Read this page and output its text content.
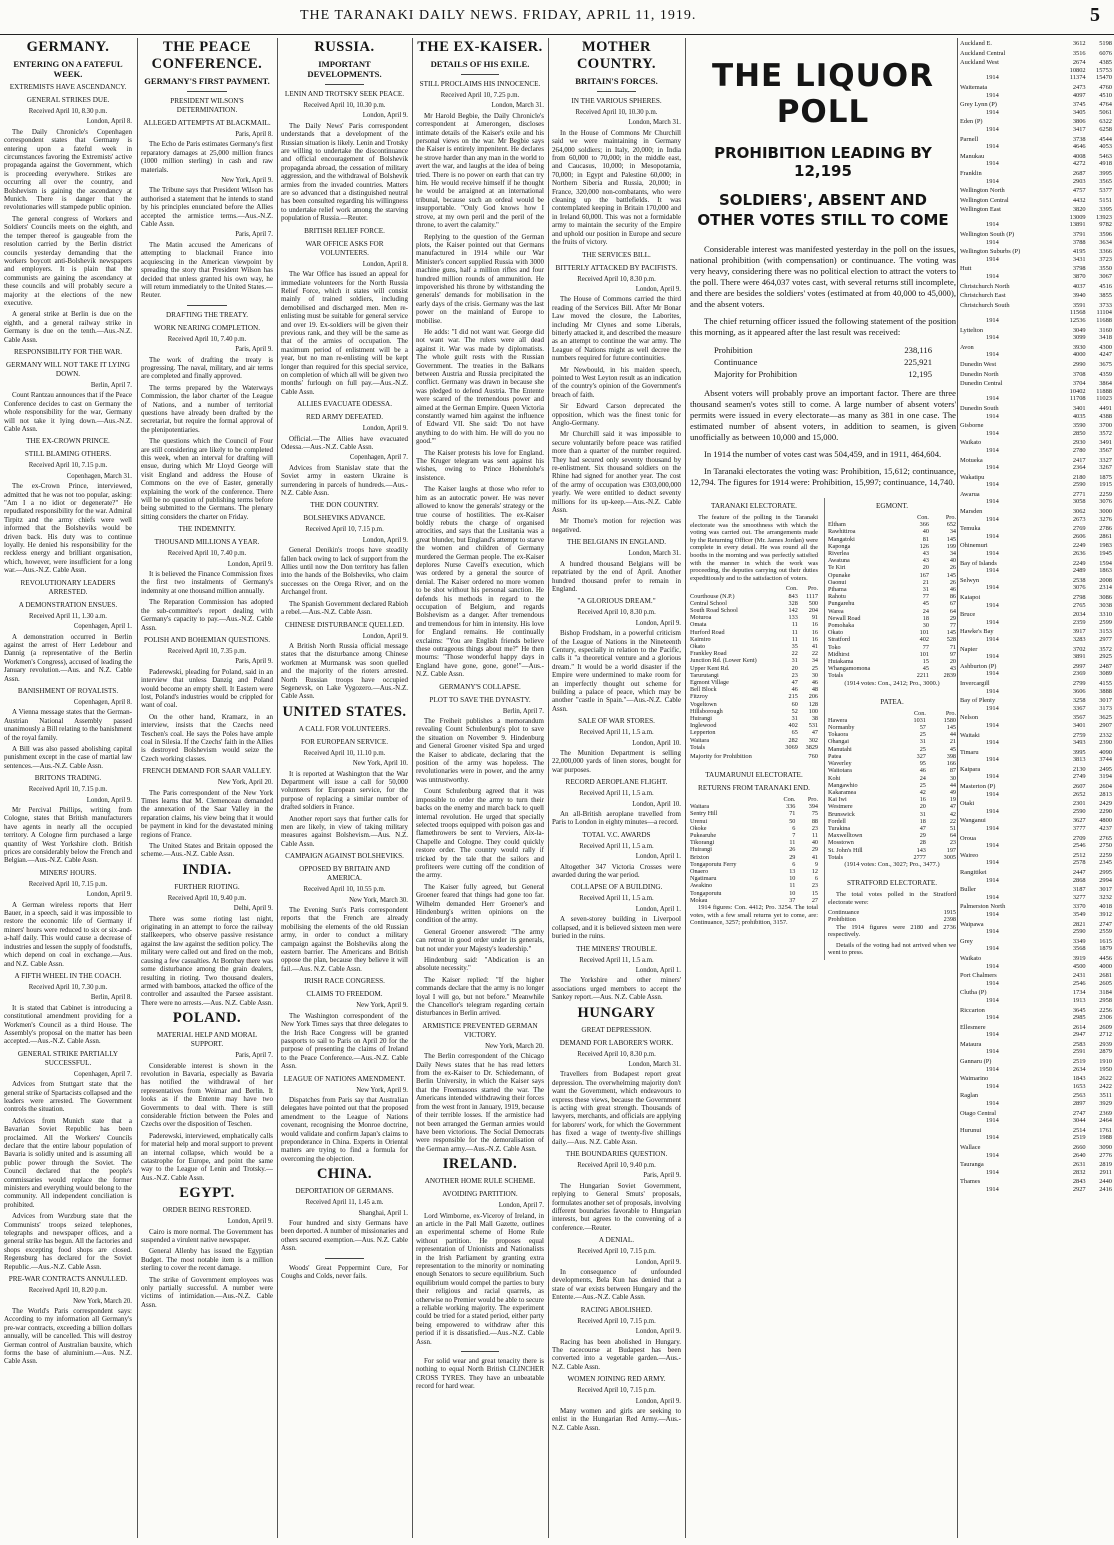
THE TARANAKI DAILY NEWS. FRIDAY, APRIL 11, 1919.	5
GERMANY.
ENTERING ON A FATEFUL WEEK.
EXTREMISTS HAVE ASCENDANCY.
GENERAL STRIKES DUE.
Received April 10, 8.30 p.m.
London, April 8.

The Daily Chronicle's Copenhagen correspondent states that Germany is entering upon a fateful week in circumstances favoring the Extremists' active propaganda against the Government, which is proceeding everywhere. Strikes are occurring all over the country, and Bolshevism is gaining the ascendancy at Munich. There is danger that the revolutionaries will stampede public opinion.

The general congress of Workers and Soldiers' Councils meets on the eighth, and the temper thereof is gaugeable from the resolution carried by the Berlin district councils yesterday demanding that the workers boycott anti-Bolshevik newspapers and employers. It is plain that the communists are gaining the ascendancy at these councils and will probably secure a majority at the elections of the new executive.

A general strike at Berlin is due on the eighth, and a general railway strike in Germany is due on the tenth.—Aus.-N.Z. Cable Assn.

RESPONSIBILITY FOR THE WAR.
GERMANY WILL NOT TAKE IT LYING DOWN.
Berlin, April 7.

Count Rantzau announces that if the Peace Conference decides to cast on Germany the whole responsibility for the war, Germany will not take it lying down.—Aus.-N.Z. Cable Assn.

THE EX-CROWN PRINCE.
STILL BLAMING OTHERS.
Received April 10, 7.15 p.m.
Copenhagen, March 31.

The ex-Crown Prince, interviewed, admitted that he was not too popular, asking: "Am I a no idiot or degenerate?" He repudiated responsibility for the war. Admiral Tirpitz and the army chiefs were well informed that the Bolsheviks would be driven back. His duty was to continue loyally. He denied his responsibility for the reckless energy and brilliant organisation, which, however, were insufficient for a long war.—Aus.-N.Z. Cable Assn.

REVOLUTIONARY LEADERS ARRESTED.
A DEMONSTRATION ENSUES.
Received April 11, 1.30 a.m.
Copenhagen, April 1.

A demonstration occurred in Berlin against the arrest of Herr Ledebour and Dannig (a representative of the Berlin Workmen's Congress), accused of leading the January revolution.—Aus. and N.Z. Cable Assn.

BANISHMENT OF ROYALISTS.
Copenhagen, April 8.

A Vienna message states that the German-Austrian National Assembly passed unanimously a Bill relating to the banishment of the royal family.

A Bill was also passed abolishing capital punishment except in the case of martial law sentences.—Aus.-N.Z. Cable Assn.

BRITONS TRADING.
Received April 10, 7.15 p.m.
London, April 9.

Mr Percival Phillips, writing from Cologne, states that British manufacturers have agents in nearly all the occupied territory. A Cologne firm purchased a large quantity of West Yorkshire cloth. British prices are considerably below the French and Belgian.—Aus.-N.Z. Cable Assn.

MINERS' HOURS.
Received April 10, 7.15 p.m.
London, April 9.

A German wireless reports that Herr Bauer, in a speech, said it was impossible to restore the economic life of Germany if miners' hours were reduced to six or six-and-a-half daily. This would cause a decrease of industries and lessen the supply of foodstuffs, which depend on coal in exchange.—Aus. and N.Z. Cable Assn.

A FIFTH WHEEL IN THE COACH.
Received April 10, 7.30 p.m.
Berlin, April 8.

It is stated that Cabinet is introducing a constitutional amendment providing for a Workmen's Council as a third House. The Assembly's proposal on the matter has been accepted.—Aus.-N.Z. Cable Assn.

GENERAL STRIKE PARTIALLY SUCCESSFUL.
Copenhagen, April 7.

Advices from Stuttgart state that the general strike of Spartacists collapsed and the leaders were arrested. The Government controls the situation.

Advices from Munich state that a Bavarian Soviet Republic has been proclaimed. All the Workers' Councils declare that the entire labour population of Bavaria is solidly united and is assuming all public power through the Soviet. The Council declared that the people's commissaries would replace the former ministers and everything would belong to the community. All independent conciliation is prohibited.

Advices from Wurzburg state that the Communists' troops seized telephones, telegraphs and newspaper offices, and a general strike has begun. All the factories and shops excepting food shops are closed. Regensburg has declared for the Soviet Republic.—Aus.-N.Z. Cable Assn.

PRE-WAR CONTRACTS ANNULLED.
Received April 10, 8.20 p.m.
New York, March 20.

The World's Paris correspondent says: According to my information all Germany's pre-war contracts, exceeding a billion dollars annually, will be cancelled. This will destroy German control of Australian bauxite, which forms the base of aluminium.—Aus. N.Z. Cable Assn.

THE PEACE CONFERENCE.
GERMANY'S FIRST PAYMENT.
PRESIDENT WILSON'S DETERMINATION.
ALLEGED ATTEMPTS AT BLACKMAIL.
Paris, April 8.

The Echo de Paris estimates Germany's first reparatory damages at 25,000 million francs (1000 million sterling) in cash and raw materials.

New York, April 9.

The Tribune says that President Wilson has authorised a statement that he intends to stand by his principles enunciated before the Allies accepted the armistice terms.—Aus.-N.Z. Cable Assn.

Paris, April 7.

The Matin accused the Americans of attempting to blackmail France into acquiescing in the American viewpoint by spreading the story that President Wilson has decided that unless granted his own way, he will return immediately to the United States.—Reuter.

DRAFTING THE TREATY.
WORK NEARING COMPLETION.
Received April 10, 7.40 p.m.
Paris, April 9.

The work of drafting the treaty is progressing. The naval, military, and air terms are completed and finally approved.

The terms prepared by the Waterways Commission, the labor charter of the League of Nations, and a number of territorial questions have already been drafted by the secretariat, but require the formal approval of the plenipotentiaries.

The questions which the Council of Four are still considering are likely to be completed this week, when an interval for drafting will ensue, during which Mr Lloyd George will visit England and address the House of Commons on the eve of Easter, generally explaining the work of the conference. There will be no question of publishing terms before being submitted to the Germans. The plenary sitting considers the charter on Friday.

THE INDEMNITY.
THOUSAND MILLIONS A YEAR.
Received April 10, 7.40 p.m.
London, April 9.

It is believed the Finance Commission fixes the first two instalments of Germany's indemnity at one thousand million annually.

The Reparation Commission has adopted the sub-committee's report dealing with Germany's capacity to pay.—Aus.-N.Z. Cable Assn.

POLISH AND BOHEMIAN QUESTIONS.
Received April 10, 7.35 p.m.
Paris, April 9.

Paderewski, pleading for Poland, said in an interview that unless Danzig and Poland would become an empty shell. It Eastern were lost, Poland's industries would be crippled for want of coal.

On the other hand, Kramarz, in an interview, insists that the Czechs need Teschen's coal. He says the Poles have ample coal in Silesia. If the Czechs' faith in the Allies is destroyed Bolshevism would seize the Czech working classes.

FRENCH DEMAND FOR SAAR VALLEY.
New York, April 20.

The Paris correspondent of the New York Times learns that M. Clemenceau demanded the annexation of the Saar Valley in the reparation claims, his view being that it would be payment in kind for the devastated mining regions of France.

The United States and Britain opposed the scheme.—Aus.-N.Z. Cable Assn.

INDIA.
FURTHER RIOTING.
Received April 10, 9.40 p.m.
Delhi, April 9.

There was some rioting last night, originating in an attempt to force the railway stallkeepers, who observe passive resistance against the law against the sedition policy. The military were called out and fired on the mob, causing a few casualties. At Bombay there was some disturbance among the grain dealers, resulting in rioting. Two thousand dealers, armed with bamboos, attacked the office of the controller and assaulted the Parsee assistant. There were no arrests.—Aus. N.Z. Cable Assn.

POLAND.
MATERIAL HELP AND MORAL SUPPORT.
Paris, April 7.

Considerable interest is shown in the revolution in Bavaria, especially as Bavaria has notified the withdrawal of her representatives from Weimar and Berlin. It looks as if the Entente may have two Governments to deal with. There is still considerable friction between the Poles and Czechs over the disposition of Teschen.

Paderewski, interviewed, emphatically calls for material help and moral support to prevent an internal collapse, which would be a catastrophe for Europe, and point the same way to the League of Lenin and Trotsky.—Aus.-N.Z. Cable Assn.

EGYPT.
ORDER BEING RESTORED.
London, April 9.

Cairo is more normal. The Government has suspended a virulent native newspaper.

General Allenby has issued the Egyptian Budget. The most notable item is a million sterling to cover the recent damage.

The strike of Government employees was only partially successful. A number were victims of intimidation.—Aus.-N.Z. Cable Assn.

RUSSIA.
IMPORTANT DEVELOPMENTS.
LENIN AND TROTSKY SEEK PEACE.
Received April 10, 10.30 p.m.
London, April 9.

The Daily News' Paris correspondent understands that a development of the Russian situation is likely. Lenin and Trotsky are willing to undertake the discontinuance and official encouragement of Bolshevik propaganda abroad, the cessation of military aggression, and the withdrawal of Bolshevik armies from the invaded countries. Matters are so advanced that a distinguished neutral has been consulted regarding his willingness to undertake relief work among the starving population of Russia.—Reuter.

BRITISH RELIEF FORCE.
WAR OFFICE ASKS FOR VOLUNTEERS.
London, April 8.

The War Office has issued an appeal for immediate volunteers for the North Russia Relief Force, which it states will consist mainly of trained soldiers, including demobilised and discharged men. Men re-enlisting must be suitable for general service and over 19. Ex-soldiers will be given their previous rank, and they will be the same as that of the armies of occupation. The maximum period of enlistment will be a year, but no man re-enlisting will be kept longer than required for this special service, on completion of which all will be given two months' furlough on full pay.—Aus.-N.Z. Cable Assn.

ALLIES EVACUATE ODESSA.
RED ARMY DEFEATED.
London, April 9.

Official.—The Allies have evacuated Odessa.—Aus.-N.Z. Cable Assn.

Copenhagen, April 7.

Advices from Stanislav state that the Soviet army in eastern Ukraine is surrendering in parcels of hundreds.—Aus.-N.Z. Cable Assn.

THE DON COUNTRY.
BOLSHEVIKS ADVANCE.
Received April 10, 7.15 p.m.
London, April 9.

General Denikin's troops have steadily fallen back owing to lack of support from the Allies until now the Don territory has fallen into the hands of the Bolsheviks, who claim successes on the Orega River, and on the Archangel front.

The Spanish Government declared Rabioh a rebel.—Aus.-N.Z. Cable Assn.

CHINESE DISTURBANCE QUELLED.
London, April 9.

A British North Russia official message states that the disturbance among Chinese workmen at Murmansk was soon quelled and the majority of the rioters arrested. North Russian troops have occupied Segenevsk, on Lake Vygozero.—Aus.-N.Z. Cable Assn.

UNITED STATES.
A CALL FOR VOLUNTEERS.
FOR EUROPEAN SERVICE.
Received April 10, 11.10 p.m.
New York, April 10.

It is reported at Washington that the War Department will issue a call for 50,000 volunteers for European service, for the purpose of replacing a similar number of drafted soldiers in France.

Another report says that further calls for men are likely, in view of taking military measures against Bolshevism.—Aus. N.Z. Cable Assn.

CAMPAIGN AGAINST BOLSHEVIKS.
OPPOSED BY BRITAIN AND AMERICA.
Received April 10, 10.55 p.m.
New York, March 30.

The Evening Sun's Paris correspondent reports that the French are already mobilising the elements of the old Russian army, in order to conduct a military campaign against the Bolsheviks along the eastern barrier. The Americans and British oppose the plan, because they believe it will fail.—Aus. N.Z. Cable Assn.

IRISH RACE CONGRESS.
CLAIMS TO FREEDOM.
New York, April 9.

The Washington correspondent of the New York Times says that three delegates to the Irish Race Congress will be granted passports to sail to Paris on April 20 for the purpose of presenting the claims of Ireland to the Peace Conference.—Aus.-N.Z. Cable Assn.

LEAGUE OF NATIONS AMENDMENT.
New York, April 9.

Dispatches from Paris say that Australian delegates have pointed out that the proposed amendment to the League of Nations covenant, recognising the Monroe doctrine, would validate and confirm Japan's claims to preponderance in China. Experts in Oriental matters are trying to find a formula for overcoming the objection.

CHINA.
DEPORTATION OF GERMANS.
Received April 11, 1.45 a.m.
Shanghai, April 1.

Four hundred and sixty Germans have been deported. A number of missionaries and others secured exemption.—Aus. N.Z. Cable Assn.

Woods' Great Peppermint Cure, For Coughs and Colds, never fails.

THE EX-KAISER.
DETAILS OF HIS EXILE.
STILL PROCLAIMS HIS INNOCENCE.
Received April 10, 7.25 p.m.
London, March 31.

Mr Harold Begbie, the Daily Chronicle's correspondent at Amerongen, discloses intimate details of the Kaiser's exile and his personal views on the war. Mr Begbie says the Kaiser is entirely impenitent. He declares he strove harder than any man in the world to avert the war, and laughs at the idea of being tried. There is no power on earth that can try him. He would receive himself if he thought he would be arraigned at an international tribunal, because such an ordeal would be insupportable. "Only God knows how I strove, at my own peril and the peril of the throne, to avert the calamity."

Replying to the question of the German plots, the Kaiser pointed out that Germans manufactured in 1914 while our War Minister's concert supplied Russia with 3000 machine guns, half a million rifles and four hundred million rounds of ammunition. He impoverished his throne by withstanding the generals' demands for mobilisation in the early days of the crisis. Germany was the last power on the mainland of Europe to mobilise.

He adds: "I did not want war. George did not want war. The rulers were all dead against it. War was made by diplomatists. The whole guilt rests with the Russian Government. The treaties in the Balkans between Austria and Russia precipitated the conflict. Germany was drawn in because she was pledged to defend Austria. The Entente were scared of the tremendous power and aimed at the German Empire. Queen Victoria constantly warned him against the influence of Edward VII. She said: 'Do not have anything to do with him. He will do you no good.'"

The Kaiser protests his love for England. The Kruger telegram was sent against his wishes, owing to Prince Hohenlohe's insistence.

The Kaiser laughs at those who refer to him as an autocratic power. He was never allowed to know the generals' strategy or the true course of hostilities. The ex-Kaiser boldly rebuts the charge of organised atrocities, and says that the Lusitania was a great blunder, but England's attempt to starve the women and children of Germany murdered the German people. The ex-Kaiser deplores Nurse Cavell's execution, which was ordered by a general the source of denial. The Kaiser ordered no more women to be shot without his personal sanction. He defends his methods in regard to the occupation of Belgium, and regards Bolshevism as a danger. After tremendous and tremendous for him in intensity. His love for England remains. He continually exclaims: "You are English friends believe these outrageous things about me?" He then mourns: "Those wonderful happy days in England have gone, gone, gone!"—Aus.-N.Z. Cable Assn.

GERMANY'S COLLAPSE.
PLOT TO SAVE THE DYNASTY.
Berlin, April 7.

The Freiheit publishes a memorandum revealing Count Schulenburg's plot to save the situation on November 9. Hindenburg and General Groener visited Spa and urged the Kaiser to abdicate, declaring that the position of the army was hopeless. The revolutionaries were in power, and the army was untrustworthy.

Count Schulenburg agreed that it was impossible to order the army to turn their backs on the enemy and march back to quell internal revolution. He urged that specially selected troops equipped with poison gas and flamethrowers be sent to Verviers, Aix-la-Chapelle and Cologne. They could quickly restore order. The country would rally if tricked by the tale that the sailors and profiteers were cutting off the condition of the army.

The Kaiser fully agreed, but General Groener feared that things had gone too far. Wilhelm demanded Herr Groener's and Hindenburg's written opinions on the condition of the army.

General Groener answered: "The army can retreat in good order under its generals, but not under your Majesty's leadership."

Hindenburg said: "Abdication is an absolute necessity."

The Kaiser replied: "If the higher commands declare that the army is no longer loyal I will go, but not before." Meanwhile the Chancellor's telegram regarding certain disturbances in Berlin arrived.

ARMISTICE PREVENTED GERMAN VICTORY.
New York, March 20.

The Berlin correspondent of the Chicago Daily News states that he has read letters from the ex-Kaiser to Dr. Schiedemann, of Berlin University, in which the Kaiser says that the Freemasons started the war. The Americans intended withdrawing their forces from the west front in January, 1919, because of their terrible losses. If the armistice had not been arranged the German armies would have been victorious. The Social Democrats were responsible for the demoralisation of the German army.—Aus.-N.Z. Cable Assn.

IRELAND.
ANOTHER HOME RULE SCHEME.
AVOIDING PARTITION.
London, April 7.

Lord Wimborne, ex-Viceroy of Ireland, in an article in the Pall Mall Gazette, outlines an experimental scheme of Home Rule without partition. He proposes equal representation of Unionists and Nationalists in the Irish Parliament by granting extra representation to the minority or nominating enough Senators to secure equilibrium. Such equilibrium would compel the parties to bury their religious and racial quarrels, as otherwise no Premier would be able to secure a reliable working majority. The experiment could be tried for a stated period, either party being empowered to withdraw after this period if it is dissatisfied.—Aus.-N.Z. Cable Assn.

For solid wear and great tenacity there is nothing to equal North British CLINCHER CROSS TYRES. They have an unbeatable record for hard wear.

MOTHER COUNTRY.
BRITAIN'S FORCES.
IN THE VARIOUS SPHERES.
Received April 10, 10.30 p.m.
London, March 31.

In the House of Commons Mr Churchill said we were maintaining in Germany 264,000 soldiers; in Italy, 20,000; in India from 60,000 to 70,000; in the middle east, and Caucasus, 10,000; in Mesopotamia, 70,000; in Egypt and Palestine 60,000; in Northern Siberia and Russia, 20,000; in France, 320,000 non-combatants, who were cleaning up the battlefields. It was contemplated keeping in Britain 170,000 and in Ireland 60,000. This was not a formidable army to maintain the security of the Empire and uphold our position in Europe and secure the fruits of victory.

THE SERVICES BILL.
BITTERLY ATTACKED BY PACIFISTS.
Received April 10, 8.30 p.m.
London, April 9.

The House of Commons carried the third reading of the Services Bill. After Mr Bonar Law moved the closure, the Laborites, including Mr Clynes and some Liberals, bitterly attacked it, and described the measure as an attempt to continue the war army. The League of Nations might as well decree the numbers required for future continuities.

Mr Newbould, in his maiden speech, pointed to West Leyton result as an indication of the country's opinion of the Government's breach of faith.

Sir Edward Carson deprecated the opposition, which was the finest tonic for Anglo-Germany.

Mr Churchill said it was impossible to secure voluntarily before peace was ratified more than a quarter of the number required. They had secured only seventy thousand by re-enlistment. Six thousand soldiers on the Rhine had signed for another year. The cost of the army of occupation was £303,000,000 yearly. We were entitled to deduct seventy millions for its up-keep.—Aus.-N.Z. Cable Assn.

Mr Thorne's motion for rejection was negatived.

THE BELGIANS IN ENGLAND.
London, March 31.

A hundred thousand Belgians will be repatriated by the end of April. Another hundred thousand prefer to remain in England.

"A GLORIOUS DREAM."
Received April 10, 8.30 p.m.
London, April 9.

Bishop Frodsham, in a powerful criticism of the League of Nations in the Nineteenth Century, especially in relation to the Pacific, calls it "a theoretical venture and a glorious dream." It would be a world disaster if the Empire were undermined to make room for an imperfectly thought out scheme for building a palace of peace, which may be another "castle in Spain."—Aus.-N.Z. Cable Assn.

SALE OF WAR STORES.
Received April 11, 1.5 a.m.
London, April 10.

The Munition Department is selling 22,000,000 yards of linen stores, bought for war purposes.

RECORD AEROPLANE FLIGHT.
Received April 11, 1.5 a.m.
London, April 10.

An all-British aeroplane travelled from Paris to London in eighty minutes—a record.

TOTAL V.C. AWARDS
Received April 11, 1.5 a.m.
London, April 1.

Altogether 347 Victoria Crosses were awarded during the war period.

COLLAPSE OF A BUILDING.
Received April 11, 1.5 a.m.
London, April 1.

A seven-storey building in Liverpool collapsed, and it is believed sixteen men were buried in the ruins.

THE MINERS' TROUBLE.
Received April 11, 1.5 a.m.
London, April 1.

The Yorkshire and other miners' associations urged members to accept the Sankey report.—Aus. N.Z. Cable Assn.

HUNGARY
GREAT DEPRESSION.
DEMAND FOR LABORER'S WORK.
Received April 10, 8.30 p.m.
London, March 31.

Travellers from Budapest report great depression. The overwhelming majority don't want the Government, which endeavours to express these views, because the Government is acting with great strength. Thousands of lawyers, merchants, and officials are applying for laborers' work, for which the Government has fixed a wage of twenty-five shillings daily.—Aus. N.Z. Cable Assn.

THE BOUNDARIES QUESTION.
Received April 10, 9.40 p.m.
Paris, April 9.

The Hungarian Soviet Government, replying to General Smuts' proposals, formulates another set of proposals, involving different boundaries favorable to Hungarian interests, but agrees to the convening of a conference.—Reuter.

A DENIAL.
Received April 10, 7.15 p.m.
London, April 9.

In consequence of unfounded developments, Bela Kun has denied that a state of war exists between Hungary and the Entente.—Aus.-N.Z. Cable Assn.

RACING ABOLISHED.
Received April 10, 7.15 p.m.
London, April 9.

Racing has been abolished in Hungary. The racecourse at Budapest has been converted into a vegetable garden.—Aus.-N.Z. Cable Assn.

WOMEN JOINING RED ARMY.
Received April 10, 7.15 p.m.
London, April 9.

Many women and girls are seeking to enlist in the Hungarian Red Army.—Aus.-N.Z. Cable Assn.

THE LIQUOR POLL
PROHIBITION LEADING BY 12,195
SOLDIERS', ABSENT AND OTHER VOTES STILL TO COME

Considerable interest was manifested yesterday in the poll on the issues, national prohibition (with compensation) or continuance. The voting was very heavy, considering there was no political election to attract the voters to the poll. There were 464,037 votes cast, with several returns still incomplete, and there are besides the soldiers' votes (estimated at from 40,000 to 45,000), and the absent voters.

The chief returning officer issued the following statement of the position this morning, as it appeared after the last result was received:

Prohibition	238,116
Continuance	225,921
Majority for Prohibition	12,195

Absent voters will probably prove an important factor. There are three thousand seamen's votes still to come. A large number of absent voters' permits were issued in every electorate—as many as 381 in one case. The estimated number of absent voters, in addition to seamen, is given unofficially as between 10,000 and 15,000.

In 1914 the number of votes cast was 504,459, and in 1911, 464,604.

In Taranaki electorates the voting was: Prohibition, 15,612; continuance, 12,794. The figures for 1914 were: Prohibition, 15,997; continuance, 14,740.

TARANAKI ELECTORATE.

The feature of the polling in the Taranaki electorate was the smoothness with which the voting was carried out. The arrangements made by the Returning Officer (Mr. James Jordan) were complete in every detail. He was round all the booths in the morning and was perfectly satisfied with the manner in which the work was proceeding, the deputies carrying out their duties expeditiously and to the satisfaction of voters.

	Con.	Pro.
Courthouse (N.P.)	843	1117
Central School	328	500
South Road School	142	204
Moturoa	133	91
Omata	11	16
Hurford Road	11	16
Kaimiro	11	16
Okato	35	41
Frankley Road	22	22
Junction Rd. (Lower Kent)	31	34
Upper Kent Rd.	20	25
Tarurutangi	23	30
Egmont Village	47	46
Bell Block	46	48
Fitzroy	215	206
Vogeltown	60	128
Hillsborough	52	100
Huirangi	31	38
Inglewood	402	531
Lepperton	65	47
Waitara	282	302
Totals	3069	3829
Majority for Prohibition	760
TAUMARUNUI ELECTORATE.
RETURNS FROM TARANAKI END.
	Con.	Pro.
Waitara	336	394
Sentry Hill	71	75
Urenui	50	88
Okoke	6	23
Pukearuhe	7	11
Tikorangi	11	40
Huirangi	26	29
Brixton	29	41
Tongaporutu Ferry	6	9
Onaero	13	12
Ngatimaru	10	6
Awakino	11	23
Tongaporutu	10	15
Mokau	37	27

1914 figures: Con. 4412; Pro. 3254. The total votes, with a few small returns yet to come, are: Continuance, 3257; prohibition, 3157.

EGMONT.
	Con.	Pro.
Eltham	366	652
Rawhitiroa	40	34
Mangatoki	81	145
Kaponga	126	199
Riverlea	43	34
Awatuna	43	40
Te Kiri	20	26
Opunake	167	145
Oaonui	21	26
Pihama	31	46
Rahotu	77	86
Pungarehu	45	67
Warea	24	64
Newall Road	18	29
Pomohaka	30	77
Okato	101	145
Stratford	402	528
Toko	77	71
Midhirst	101	97
Huiakama	15	20
Whangamomona	45	43
Totals	2211	2839
(1914 votes: Con., 2412; Pro., 3000.)
PATEA.
	Con.	Pro.
Hawera	1031	1580
Normanby	57	145
Tokaora	25	44
Ohangai	31	21
Manutahi	25	45
Patea	327	398
Waverley	95	166
Waitotara	46	87
Kohi	24	30
Mangawhio	25	44
Kakaramea	42	49
Kai Iwi	16	19
Westmere	20	47
Brunswick	31	42
Fordell	18	22
Turakina	47	51
Maxwelltown	29	64
Mosstown	28	23
St. John's Hill	143	197
Totals	2777	3005
(1914 votes: Con., 3027; Pro., 3477.)
STRATFORD ELECTORATE.

The total votes polled in the Stratford electorate were:

Continuance	1915
Prohibition	2398

The 1914 figures were 2180 and 2736 respectively.

Details of the voting had not arrived when we went to press.

Auckland E.	3612	5198
Auckland Central	3516	6076
Auckland West	2674	4385
	10802	15753
1914	11374	15470
Waitemata	2473	4760
1914	4097	4510
Grey Lynn (P)	3745	4764
1914	3405	5061
Eden (P)	3806	6322
1914	3417	6258
Parnell	3738	4544
1914	4646	4053
Manukau	4008	5463
1914	4272	4918
Franklin	2687	3995
1914	2903	3565
Wellington North	4757	5377
Wellington Central	4432	5151
Wellington East	3820	3395
	13009	13923
1914	13891	9782
Wellington South (P)	3791	3596
1914	3788	3634
Wellington Suburbs (P)	4195	3366
1914	3431	3723
Hutt	3798	3550
1914	3870	3067
Christchurch North	4037	4516
Christchurch East	3940	3855
Christchurch South	3591	3733
	11568	11104
1914	12536	11688
Lyttelton	3049	3160
1914	3099	3418
Avon	3930	4300
1914	4000	4247
Dunedin West	2990	3675
Dunedin North	3708	4359
Dunedin Central	3704	3864
	10402	11888
1914	11708	11023
Dunedin South	3401	4491
1914	4035	4388
Gisborne	3590	3700
1914	2850	3572
Waikato	2930	3491
1914	2780	3567
Motueka	2417	3327
1914	2364	3267
Wakatipu	2180	1875
1914	2590	1915
Awarua	2771	2259
1914	3058	3076
Marsden	3062	3000
1914	2673	3276
Temuka	2769	2786
1914	2606	2861
Ohinemuri	2249	1983
1914	2636	1945
Bay of Islands	2249	1594
1914	2489	1863
Selwyn	2538	2008
1914	3076	2314
Kaiapoi	2798	3086
1914	2765	3038
Bruce	2034	3310
1914	2359	2599
Hawke's Bay	3917	3153
1914	3283	2977
Napier	3702	3572
1914	3891	2925
Ashburton (P)	2997	2487
1914	2369	3089
Invercargill	2799	4155
1914	3606	3888
Bay of Plenty	3258	3017
1914	3367	3173
Nelson	3567	3625
1914	3401	2907
Waitaki	2759	2332
1914	3493	2390
Timaru	3995	4090
1914	3813	3744
Kaipara	2130	2495
1914	2749	3194
Masterton (P)	2607	2604
1914	2652	2813
Otaki	2301	2429
1914	2590	2290
Wanganui	3627	4800
1914	3777	4237
Oroua	2709	2765
1914	2546	2750
Waireo	2512	2259
1914	2578	2345
Rangitikei	2447	2995
1914	2868	2994
Buller	3187	3017
1914	3277	3232
Palmerston North	3370	4018
1914	3549	3912
Waipawa	2821	2747
1914	2590	2559
Grey	3349	1615
1914	3568	1879
Waikato	3919	4456
1914	4500	4000
Port Chalmers	2431	2681
1914	2546	2605
Clutha (P)	1734	3184
1914	1913	2958
Riccarton	3645	2256
1914	2985	2306
Ellesmere	2614	2609
1914	2947	2712
Mataura	2583	2939
1914	2591	2879
Gannaru (P)	2519	1910
1914	2634	1950
Waimarino	1843	2622
1914	1653	2422
Raglan	2563	3511
1914	2897	3929
Otago Central	2747	2369
1914	3044	2464
Hurunui	2514	1761
1914	2519	1988
Wallace	2660	3090
1914	2640	2776
Tauranga	2631	2819
1914	2832	2911
Thames	2843	2440
1914	2927	2416
